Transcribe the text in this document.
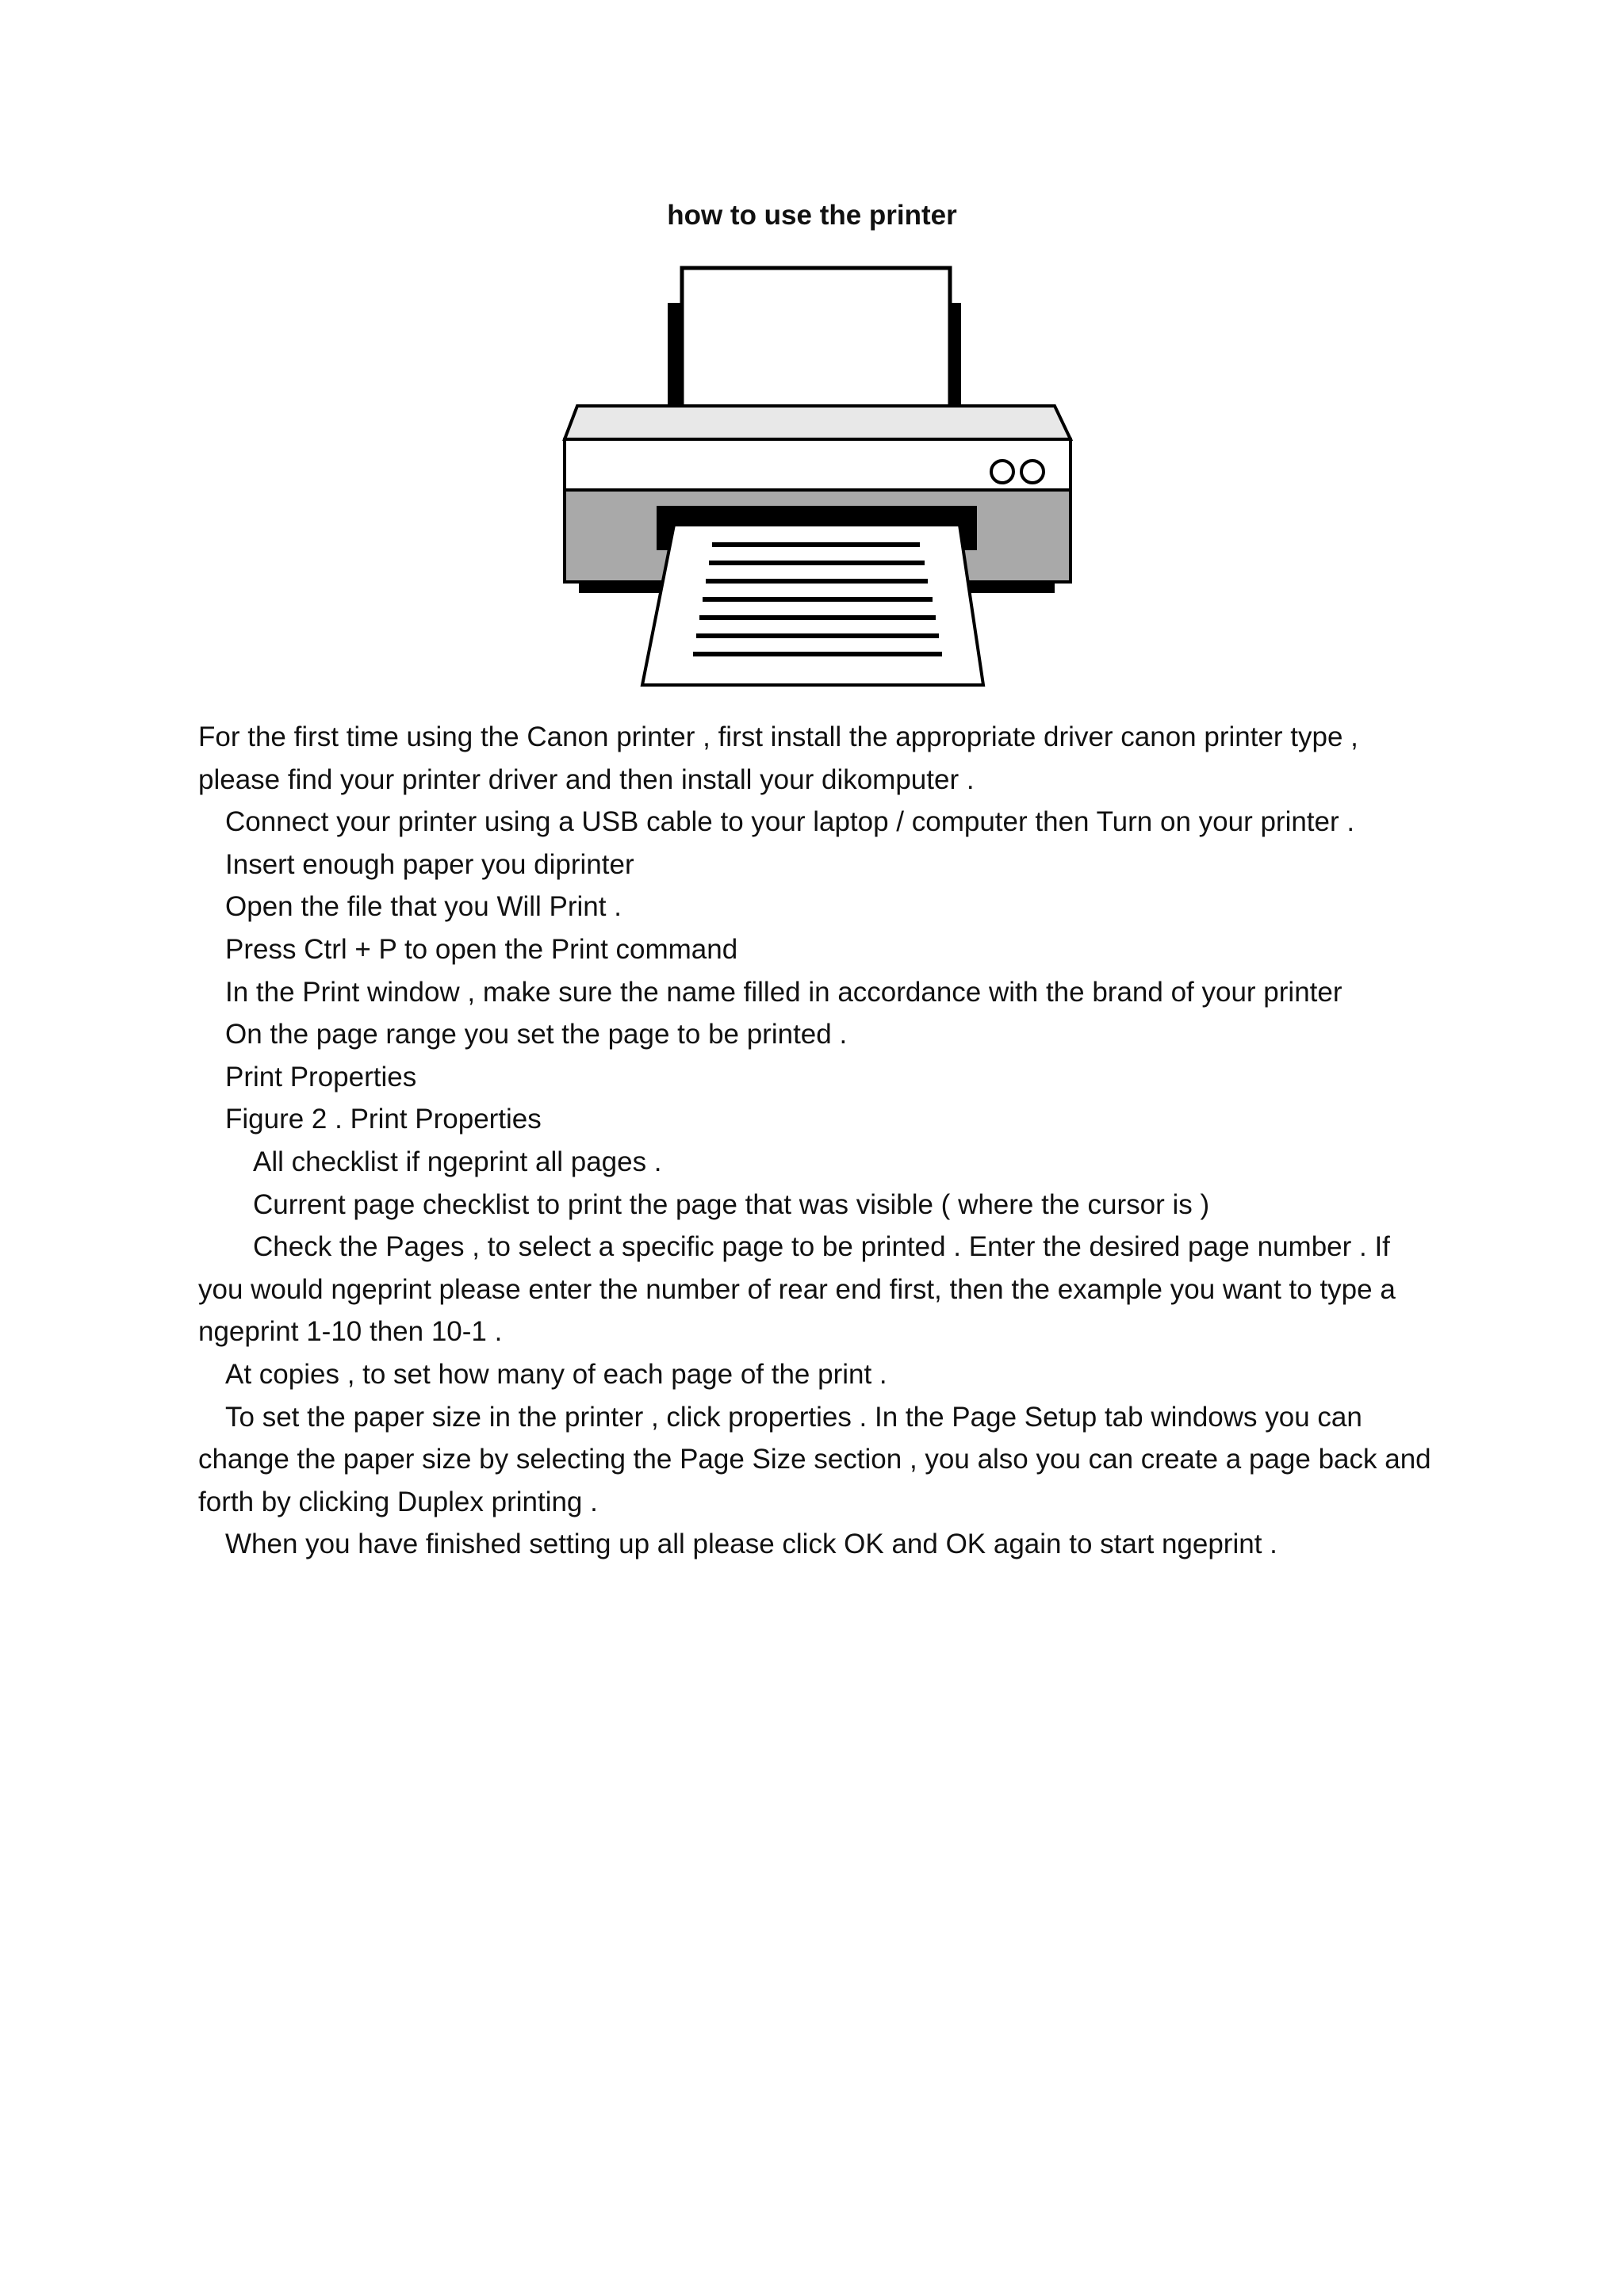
how to use the printer

For the first time using the Canon printer , first install the appropriate driver canon printer type , please find your printer driver and then install your dikomputer .

Connect your printer using a USB cable to your laptop / computer then Turn on your printer .

Insert enough paper you diprinter

Open the file that you Will Print .

Press Ctrl + P to open the Print command

In the Print window , make sure the name filled in accordance with the brand of your printer

On the page range you set the page to be printed .

Print Properties

Figure 2 . Print Properties

All checklist if ngeprint all pages .

Current page checklist to print the page that was visible ( where the cursor is )

Check the Pages , to select a specific page to be printed . Enter the desired page number . If you would ngeprint please enter the number of rear end first, then the example you want to type a ngeprint 1-10 then 10-1 .

At copies , to set how many of each page of the print .

To set the paper size in the printer , click properties . In the Page Setup tab windows you can change the paper size by selecting the Page Size section , you also you can create a page back and forth by clicking Duplex printing .

When you have finished setting up all please click OK and OK again to start ngeprint .
